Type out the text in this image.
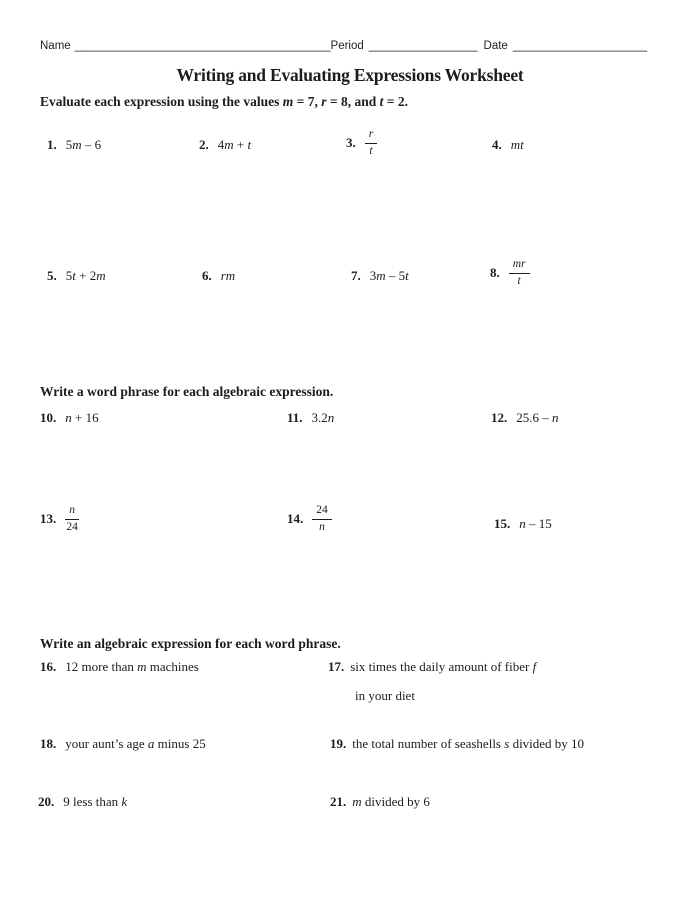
Name ________________________________________ Period _________________ Date _____________________
Writing and Evaluating Expressions Worksheet
Evaluate each expression using the values m = 7, r = 8, and t = 2.
1. 5m – 6	2. 4m + t	3. $\frac{r}{t}$	4. mt
5. 5t + 2m	6. rm	7. 3m – 5t	8. $\frac{mr}{t}$
Write a word phrase for each algebraic expression.
10. n + 16	11. 3.2n	12. 25.6 – n
13. $\frac{n}{24}$	14. $\frac{24}{n}$	15. n – 15
Write an algebraic expression for each word phrase.
16. 12 more than m machines	17. six times the daily amount of fiber f
in your diet
18. your aunt’s age a minus 25	19. the total number of seashells s divided by 10
20. 9 less than k	21. m divided by 6
